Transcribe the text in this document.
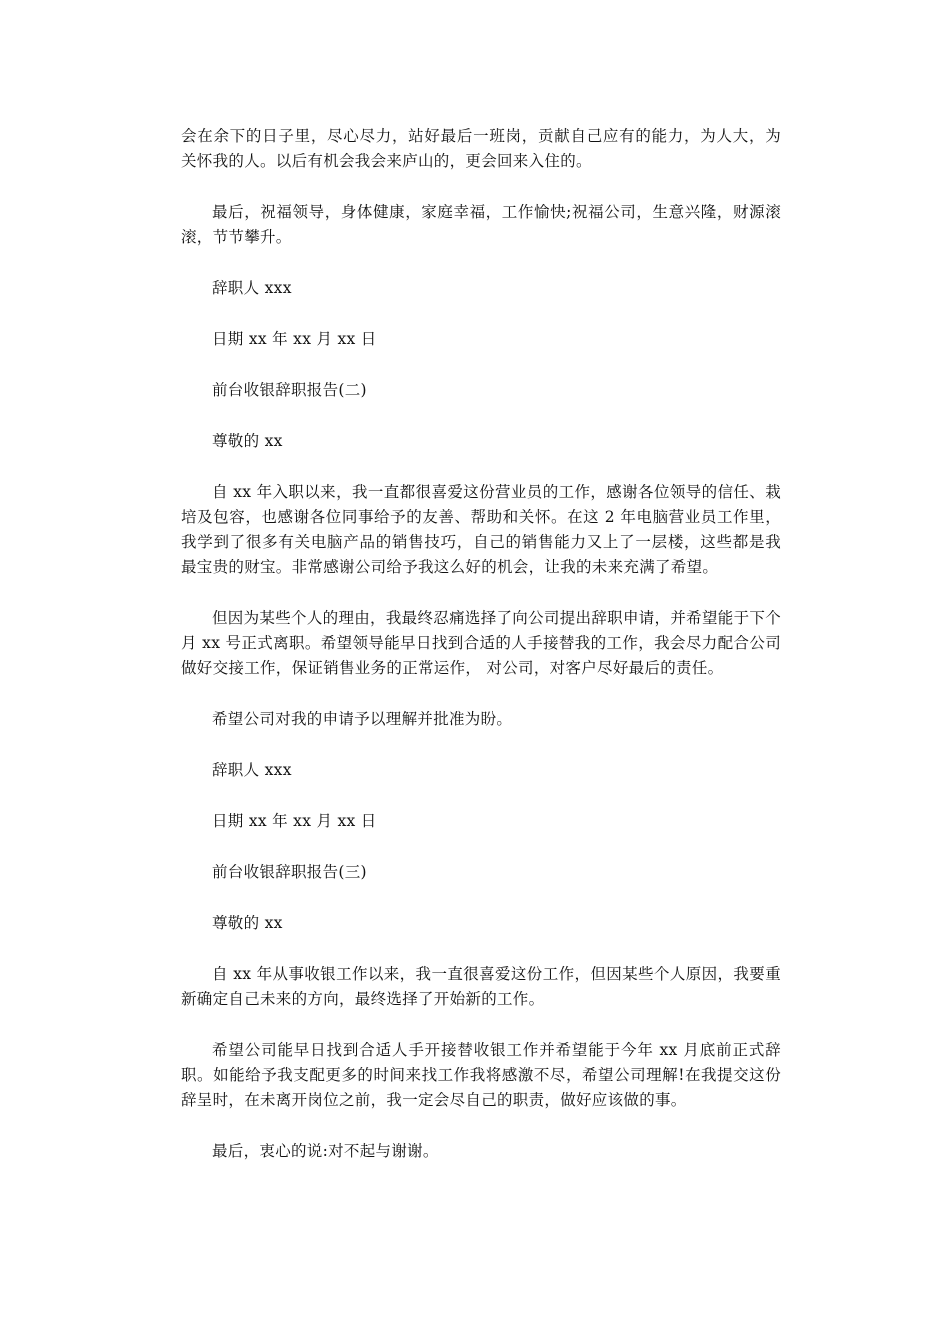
会在余下的日子里，尽心尽力，站好最后一班岗，贡献自己应有的能力，为人大，为关怀我的人。以后有机会我会来庐山的，更会回来入住的。

最后，祝福领导，身体健康，家庭幸福，工作愉快;祝福公司，生意兴隆，财源滚滚，节节攀升。

辞职人 xxx

日期 xx 年 xx 月 xx 日

前台收银辞职报告(二)

尊敬的 xx

自 xx 年入职以来，我一直都很喜爱这份营业员的工作，感谢各位领导的信任、栽培及包容，也感谢各位同事给予的友善、帮助和关怀。在这 2 年电脑营业员工作里，我学到了很多有关电脑产品的销售技巧，自己的销售能力又上了一层楼，这些都是我最宝贵的财宝。非常感谢公司给予我这么好的机会，让我的未来充满了希望。

但因为某些个人的理由，我最终忍痛选择了向公司提出辞职申请，并希望能于下个月 xx 号正式离职。希望领导能早日找到合适的人手接替我的工作，我会尽力配合公司做好交接工作，保证销售业务的正常运作， 对公司，对客户尽好最后的责任。

希望公司对我的申请予以理解并批准为盼。

辞职人 xxx

日期 xx 年 xx 月 xx 日

前台收银辞职报告(三)

尊敬的 xx

自 xx 年从事收银工作以来，我一直很喜爱这份工作，但因某些个人原因，我要重新确定自己未来的方向，最终选择了开始新的工作。

希望公司能早日找到合适人手开接替收银工作并希望能于今年 xx 月底前正式辞职。如能给予我支配更多的时间来找工作我将感激不尽，希望公司理解!在我提交这份辞呈时，在未离开岗位之前，我一定会尽自己的职责，做好应该做的事。

最后，衷心的说:对不起与谢谢。
